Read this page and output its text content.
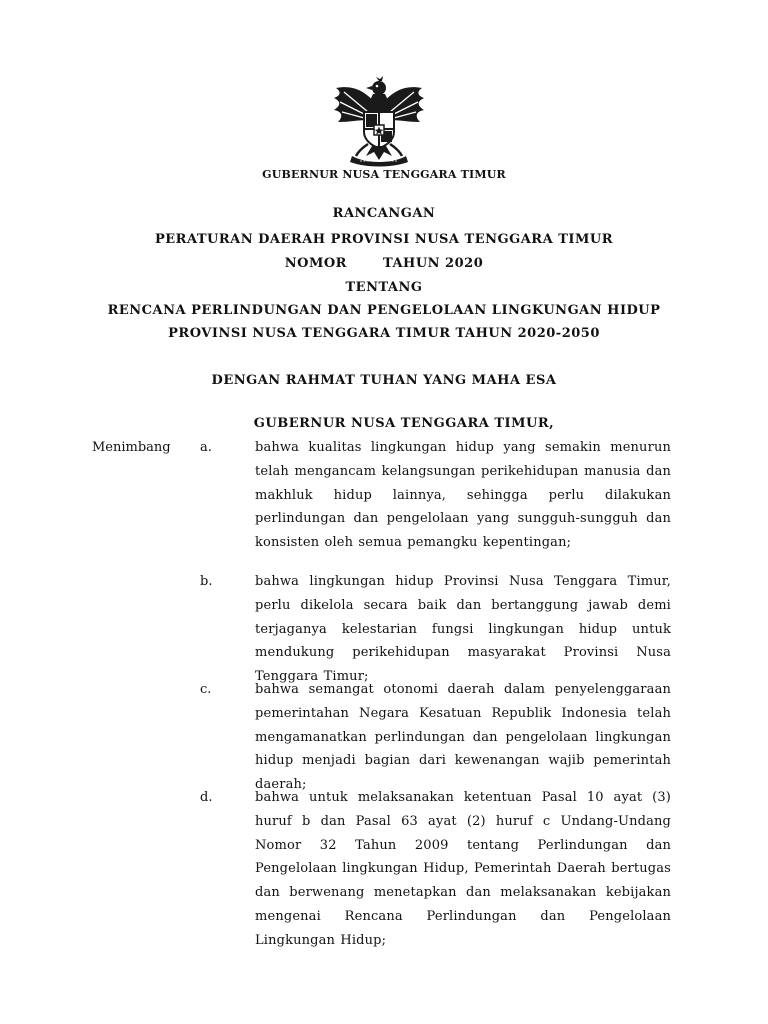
GUBERNUR NUSA TENGGARA TIMUR
RANCANGAN
PERATURAN DAERAH PROVINSI NUSA TENGGARA TIMUR
NOMOR	TAHUN 2020
TENTANG
RENCANA PERLINDUNGAN DAN PENGELOLAAN LINGKUNGAN HIDUP
PROVINSI NUSA TENGGARA TIMUR TAHUN 2020-2050
DENGAN RAHMAT TUHAN YANG MAHA ESA
GUBERNUR NUSA TENGGARA TIMUR,
Menimbang a.	bahwa kualitas lingkungan hidup yang semakin menurun telah mengancam kelangsungan perikehidupan manusia dan makhluk hidup lainnya, sehingga perlu dilakukan perlindungan dan pengelolaan yang sungguh-sungguh dan konsisten oleh semua pemangku kepentingan;
b.	bahwa lingkungan hidup Provinsi Nusa Tenggara Timur, perlu dikelola secara baik dan bertanggung jawab demi terjaganya kelestarian fungsi lingkungan hidup untuk mendukung perikehidupan masyarakat Provinsi Nusa Tenggara Timur;
c.	bahwa semangat otonomi daerah dalam penyelenggaraan pemerintahan Negara Kesatuan Republik Indonesia telah mengamanatkan perlindungan dan pengelolaan lingkungan hidup menjadi bagian dari kewenangan wajib pemerintah daerah;
d.	bahwa untuk melaksanakan ketentuan Pasal 10 ayat (3) huruf b dan Pasal 63 ayat (2) huruf c Undang-Undang Nomor 32 Tahun 2009 tentang Perlindungan dan Pengelolaan lingkungan Hidup, Pemerintah Daerah bertugas dan berwenang menetapkan dan melaksanakan kebijakan mengenai Rencana Perlindungan dan Pengelolaan Lingkungan Hidup;
